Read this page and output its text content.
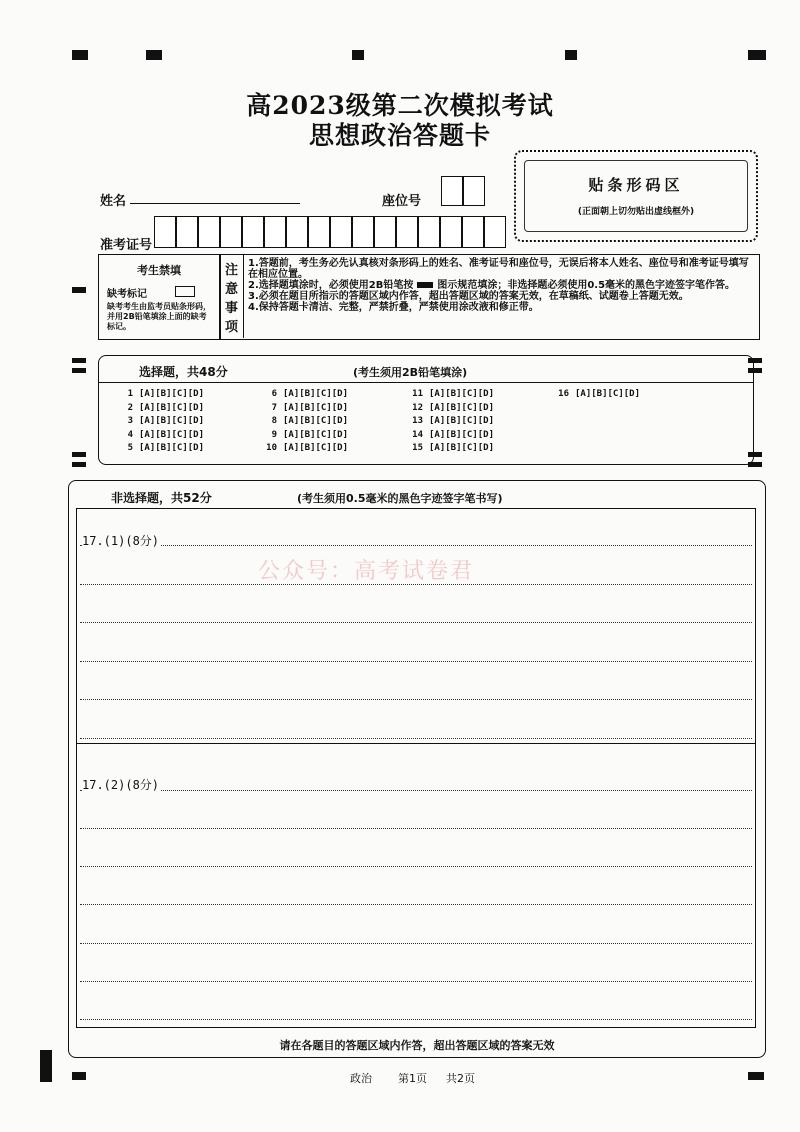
高2023级第二次模拟考试
思想政治答题卡
姓名	座位号
准考证号
贴条形码区
(正面朝上切勿贴出虚线框外)
考生禁填
缺考标记
缺考考生由监考员贴条形码，并用2B铅笔填涂上面的缺考标记。
注
意
事
项
1.答题前，考生务必先认真核对条形码上的姓名、准考证号和座位号，无误后将本人姓名、座位号和准考证号填写在相应位置。
2.选择题填涂时，必须使用2B铅笔按 图示规范填涂；非选择题必须使用0.5毫米的黑色字迹签字笔作答。
3.必须在题目所指示的答题区域内作答，超出答题区域的答案无效，在草稿纸、试题卷上答题无效。
4.保持答题卡清洁、完整，严禁折叠，严禁使用涂改液和修正带。
选择题，共48分	(考生须用2B铅笔填涂)
1 [A][B][C][D]
2 [A][B][C][D]
3 [A][B][C][D]
4 [A][B][C][D]
5 [A][B][C][D]
6 [A][B][C][D]
7 [A][B][C][D]
8 [A][B][C][D]
9 [A][B][C][D]
10 [A][B][C][D]
11 [A][B][C][D]
12 [A][B][C][D]
13 [A][B][C][D]
14 [A][B][C][D]
15 [A][B][C][D]
16 [A][B][C][D]
非选择题，共52分	(考生须用0.5毫米的黑色字迹签字笔书写)
请在各题目的答题区域内作答，超出答题区域的答案无效
17.(1)(8分)
17.(2)(8分)
公众号：高考试卷君
政治 第1页 共2页
